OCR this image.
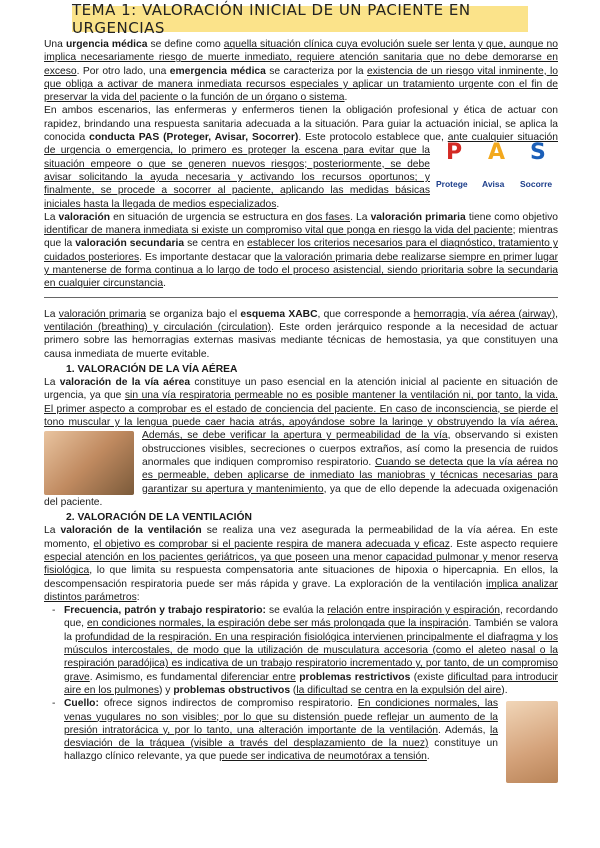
TEMA 1: VALORACIÓN INICIAL DE UN PACIENTE EN URGENCIAS

Una urgencia médica se define como aquella situación clínica cuya evolución suele ser lenta y que, aunque no implica necesariamente riesgo de muerte inmediato, requiere atención sanitaria que no debe demorarse en exceso. Por otro lado, una emergencia médica se caracteriza por la existencia de un riesgo vital inminente, lo que obliga a activar de manera inmediata recursos especiales y aplicar un tratamiento urgente con el fin de preservar la vida del paciente o la función de un órgano o sistema.

En ambos escenarios, las enfermeras y enfermeros tienen la obligación profesional y ética de actuar con rapidez, brindando una respuesta sanitaria adecuada a la situación. Para guiar la actuación inicial, se aplica la conocida conducta PAS (Proteger, Avisar, Socorrer). Este protocolo establece que,
P A S
Protege Avisa Socorre
ante cualquier situación de urgencia o emergencia, lo primero es proteger la escena para evitar que la situación empeore o que se generen nuevos riesgos; posteriormente, se debe avisar solicitando la ayuda necesaria y activando los recursos oportunos; y finalmente, se procede a socorrer al paciente, aplicando las medidas básicas iniciales hasta la llegada de medios especializados.

La valoración en situación de urgencia se estructura en dos fases. La valoración primaria tiene como objetivo identificar de manera inmediata si existe un compromiso vital que ponga en riesgo la vida del paciente; mientras que la valoración secundaria se centra en establecer los criterios necesarios para el diagnóstico, tratamiento y cuidados posteriores. Es importante destacar que la valoración primaria debe realizarse siempre en primer lugar y mantenerse de forma continua a lo largo de todo el proceso asistencial, siendo prioritaria sobre la secundaria en cualquier circunstancia.

La valoración primaria se organiza bajo el esquema XABC, que corresponde a hemorragia, vía aérea (airway), ventilación (breathing) y circulación (circulation). Este orden jerárquico responde a la necesidad de actuar primero sobre las hemorragias externas masivas mediante técnicas de hemostasia, ya que constituyen una causa inmediata de muerte evitable.

1. VALORACIÓN DE LA VÍA AÉREA

La valoración de la vía aérea constituye un paso esencial en la atención inicial al paciente en situación de urgencia, ya que sin una vía respiratoria permeable no es posible mantener la ventilación ni, por tanto, la vida. El primer aspecto a comprobar es el estado de conciencia del paciente. En caso de inconsciencia, se pierde el tono muscular y la lengua puede caer hacia atrás, apoyándose sobre la laringe y obstruyendo la vía aérea. Además, se debe verificar la apertura y permeabilidad de la vía
, observando si existen obstrucciones visibles, secreciones o cuerpos extraños, así como la presencia de ruidos anormales que indiquen compromiso respiratorio. Cuando se detecta que la vía aérea no es permeable, deben aplicarse de inmediato las maniobras y técnicas necesarias para garantizar su apertura y mantenimiento, ya que de ello depende la adecuada oxigenación del paciente.

2. VALORACIÓN DE LA VENTILACIÓN

La valoración de la ventilación se realiza una vez asegurada la permeabilidad de la vía aérea. En este momento, el objetivo es comprobar si el paciente respira de manera adecuada y eficaz. Este aspecto requiere especial atención en los pacientes geriátricos, ya que poseen una menor capacidad pulmonar y menor reserva fisiológica, lo que limita su respuesta compensatoria ante situaciones de hipoxia o hipercapnia. En ellos, la descompensación respiratoria puede ser más rápida y grave. La exploración de la ventilación implica analizar distintos parámetros:

- Frecuencia, patrón y trabajo respiratorio: se evalúa la relación entre inspiración y espiración, recordando que, en condiciones normales, la espiración debe ser más prolongada que la inspiración. También se valora la profundidad de la respiración. En una respiración fisiológica intervienen principalmente el diafragma y los músculos intercostales, de modo que la utilización de musculatura accesoria (como el aleteo nasal o la respiración paradójica) es indicativa de un trabajo respiratorio incrementado y, por tanto, de un compromiso grave. Asimismo, es fundamental diferenciar entre problemas restrictivos (existe dificultad para introducir aire en los pulmones) y problemas obstructivos (la dificultad se centra en la expulsión del aire).
- Cuello: ofrece signos indirectos de compromiso respiratorio. En condiciones normales, las venas yugulares no son visibles; por lo que su distensión puede reflejar un aumento de la presión intratorácica y, por lo tanto, una alteración importante de la ventilación. Además, la desviación de la tráquea (visible a través del desplazamiento de la nuez) constituye un hallazgo clínico relevante, ya que puede ser indicativa de neumotórax a tensión.
